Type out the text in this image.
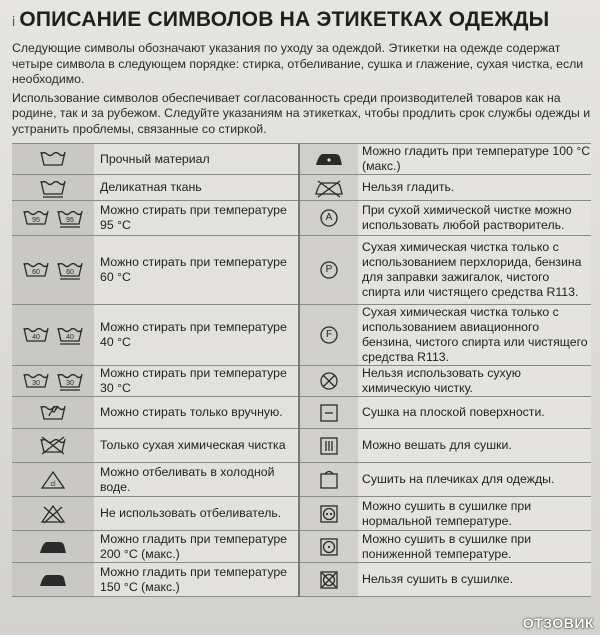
i ОПИСАНИЕ СИМВОЛОВ НА ЭТИКЕТКАХ ОДЕЖДЫ

Следующие символы обозначают указания по уходу за одеждой. Этикетки на одежде содержат четыре символа в следующем порядке: стирка, отбеливание, сушка и глажение, сухая чистка, если необходимо.

Использование символов обеспечивает согласованность среди производителей товаров как на родине, так и за рубежом. Следуйте указаниям на этикетках, чтобы продлить срок службы одежды и устранить проблемы, связанные со стиркой.

	Прочный материал		Можно гладить при температуре 100 °C (макс.)

	Деликатная ткань		Нельзя гладить.

95 95	Можно стирать при температуре 95 °C	A	При сухой химической чистке можно использовать любой растворитель.

60 60	Можно стирать при температуре 60 °C	P	Сухая химическая чистка только с использованием перхлорида, бензина для заправки зажигалок, чистого спирта или чистящего средства R113.

40 40	Можно стирать при температуре 40 °C	F	Сухая химическая чистка только с использованием авиационного бензина, чистого спирта или чистящего средства R113.

30 30	Можно стирать при температуре 30 °C		Нельзя использовать сухую химическую чистку.

	Можно стирать только вручную.		Сушка на плоской поверхности.

	Только сухая химическая чистка		Можно вешать для сушки.

cl	Можно отбеливать в холодной воде.		Сушить на плечиках для одежды.

	Не использовать отбеливатель.		Можно сушить в сушилке при нормальной температуре.

	Можно гладить при температуре 200 °C (макс.)		Можно сушить в сушилке при пониженной температуре.

	Можно гладить при температуре 150 °C (макс.)		Нельзя сушить в сушилке.
ОТЗОВИК
